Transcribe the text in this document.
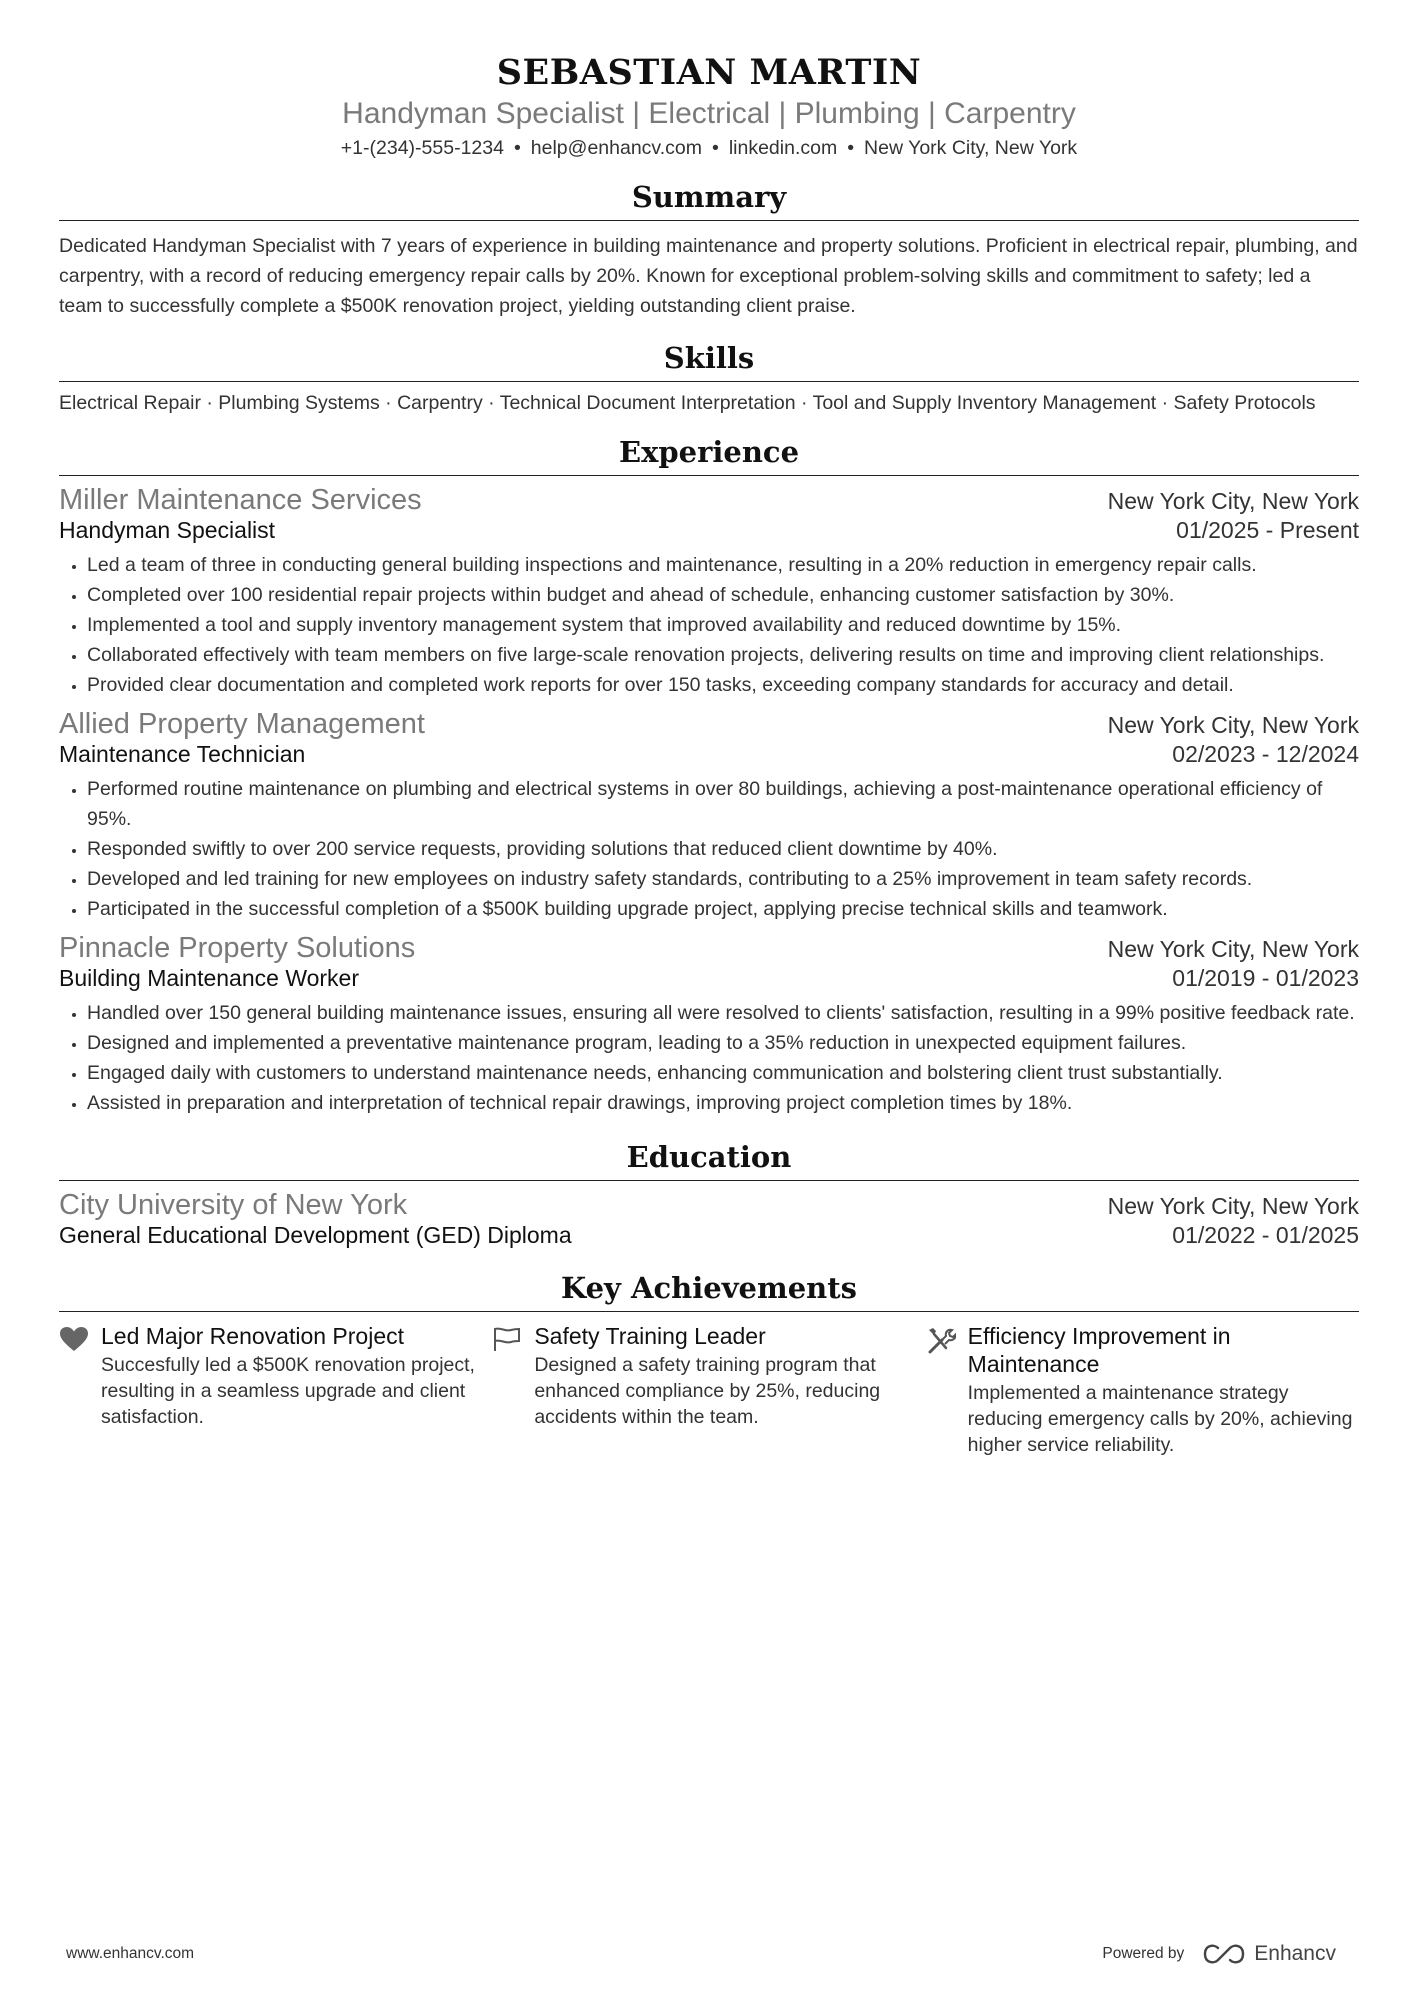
SEBASTIAN MARTIN
Handyman Specialist | Electrical | Plumbing | Carpentry
+1-(234)-555-1234 • help@enhancv.com • linkedin.com • New York City, New York
Summary
Dedicated Handyman Specialist with 7 years of experience in building maintenance and property solutions. Proficient in electrical repair, plumbing, and carpentry, with a record of reducing emergency repair calls by 20%. Known for exceptional problem-solving skills and commitment to safety; led a team to successfully complete a $500K renovation project, yielding outstanding client praise.
Skills
Electrical Repair · Plumbing Systems · Carpentry · Technical Document Interpretation · Tool and Supply Inventory Management · Safety Protocols
Experience
Miller Maintenance Services	New York City, New York
Handyman Specialist	01/2025 - Present
• Led a team of three in conducting general building inspections and maintenance, resulting in a 20% reduction in emergency repair calls.
• Completed over 100 residential repair projects within budget and ahead of schedule, enhancing customer satisfaction by 30%.
• Implemented a tool and supply inventory management system that improved availability and reduced downtime by 15%.
• Collaborated effectively with team members on five large-scale renovation projects, delivering results on time and improving client relationships.
• Provided clear documentation and completed work reports for over 150 tasks, exceeding company standards for accuracy and detail.
Allied Property Management	New York City, New York
Maintenance Technician	02/2023 - 12/2024
• Performed routine maintenance on plumbing and electrical systems in over 80 buildings, achieving a post-maintenance operational efficiency of 95%.
• Responded swiftly to over 200 service requests, providing solutions that reduced client downtime by 40%.
• Developed and led training for new employees on industry safety standards, contributing to a 25% improvement in team safety records.
• Participated in the successful completion of a $500K building upgrade project, applying precise technical skills and teamwork.
Pinnacle Property Solutions	New York City, New York
Building Maintenance Worker	01/2019 - 01/2023
• Handled over 150 general building maintenance issues, ensuring all were resolved to clients' satisfaction, resulting in a 99% positive feedback rate.
• Designed and implemented a preventative maintenance program, leading to a 35% reduction in unexpected equipment failures.
• Engaged daily with customers to understand maintenance needs, enhancing communication and bolstering client trust substantially.
• Assisted in preparation and interpretation of technical repair drawings, improving project completion times by 18%.
Education
City University of New York	New York City, New York
General Educational Development (GED) Diploma	01/2022 - 01/2025
Key Achievements
Led Major Renovation Project
Succesfully led a $500K renovation project, resulting in a seamless upgrade and client satisfaction.
Safety Training Leader
Designed a safety training program that enhanced compliance by 25%, reducing accidents within the team.
Efficiency Improvement in Maintenance
Implemented a maintenance strategy reducing emergency calls by 20%, achieving higher service reliability.
www.enhancv.com	Powered by	Enhancv
